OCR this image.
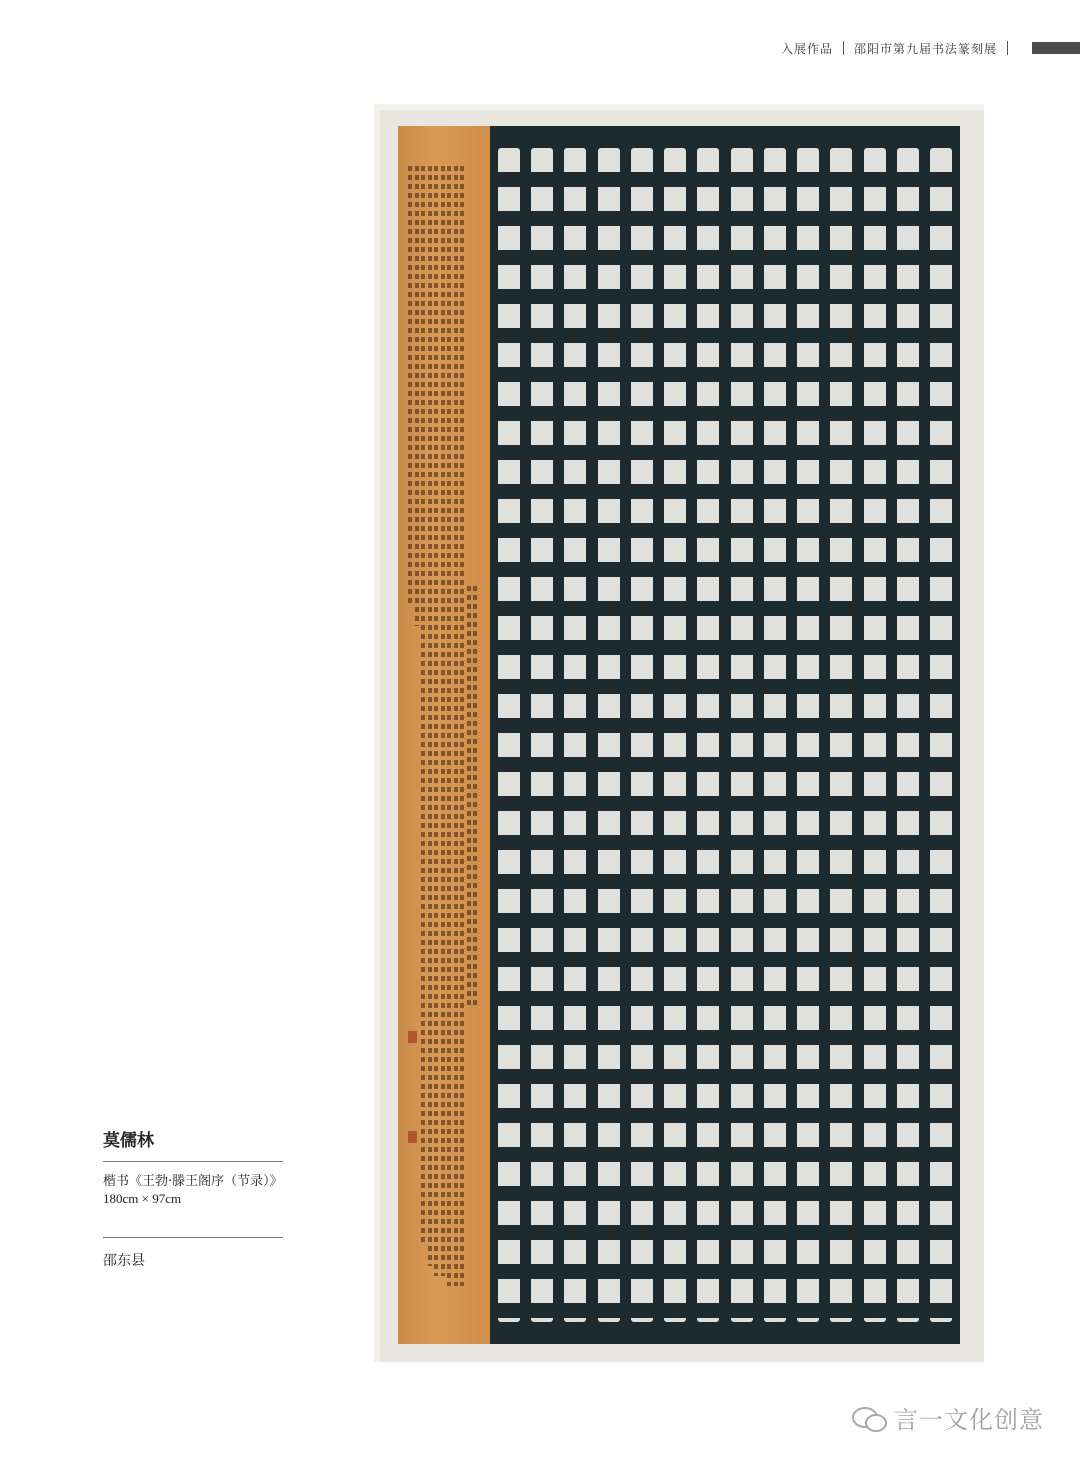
入展作品 邵阳市第九届书法篆刻展
莫儒林
楷书《王勃·滕王阁序（节录）》
180cm × 97cm
邵东县
言一文化创意
